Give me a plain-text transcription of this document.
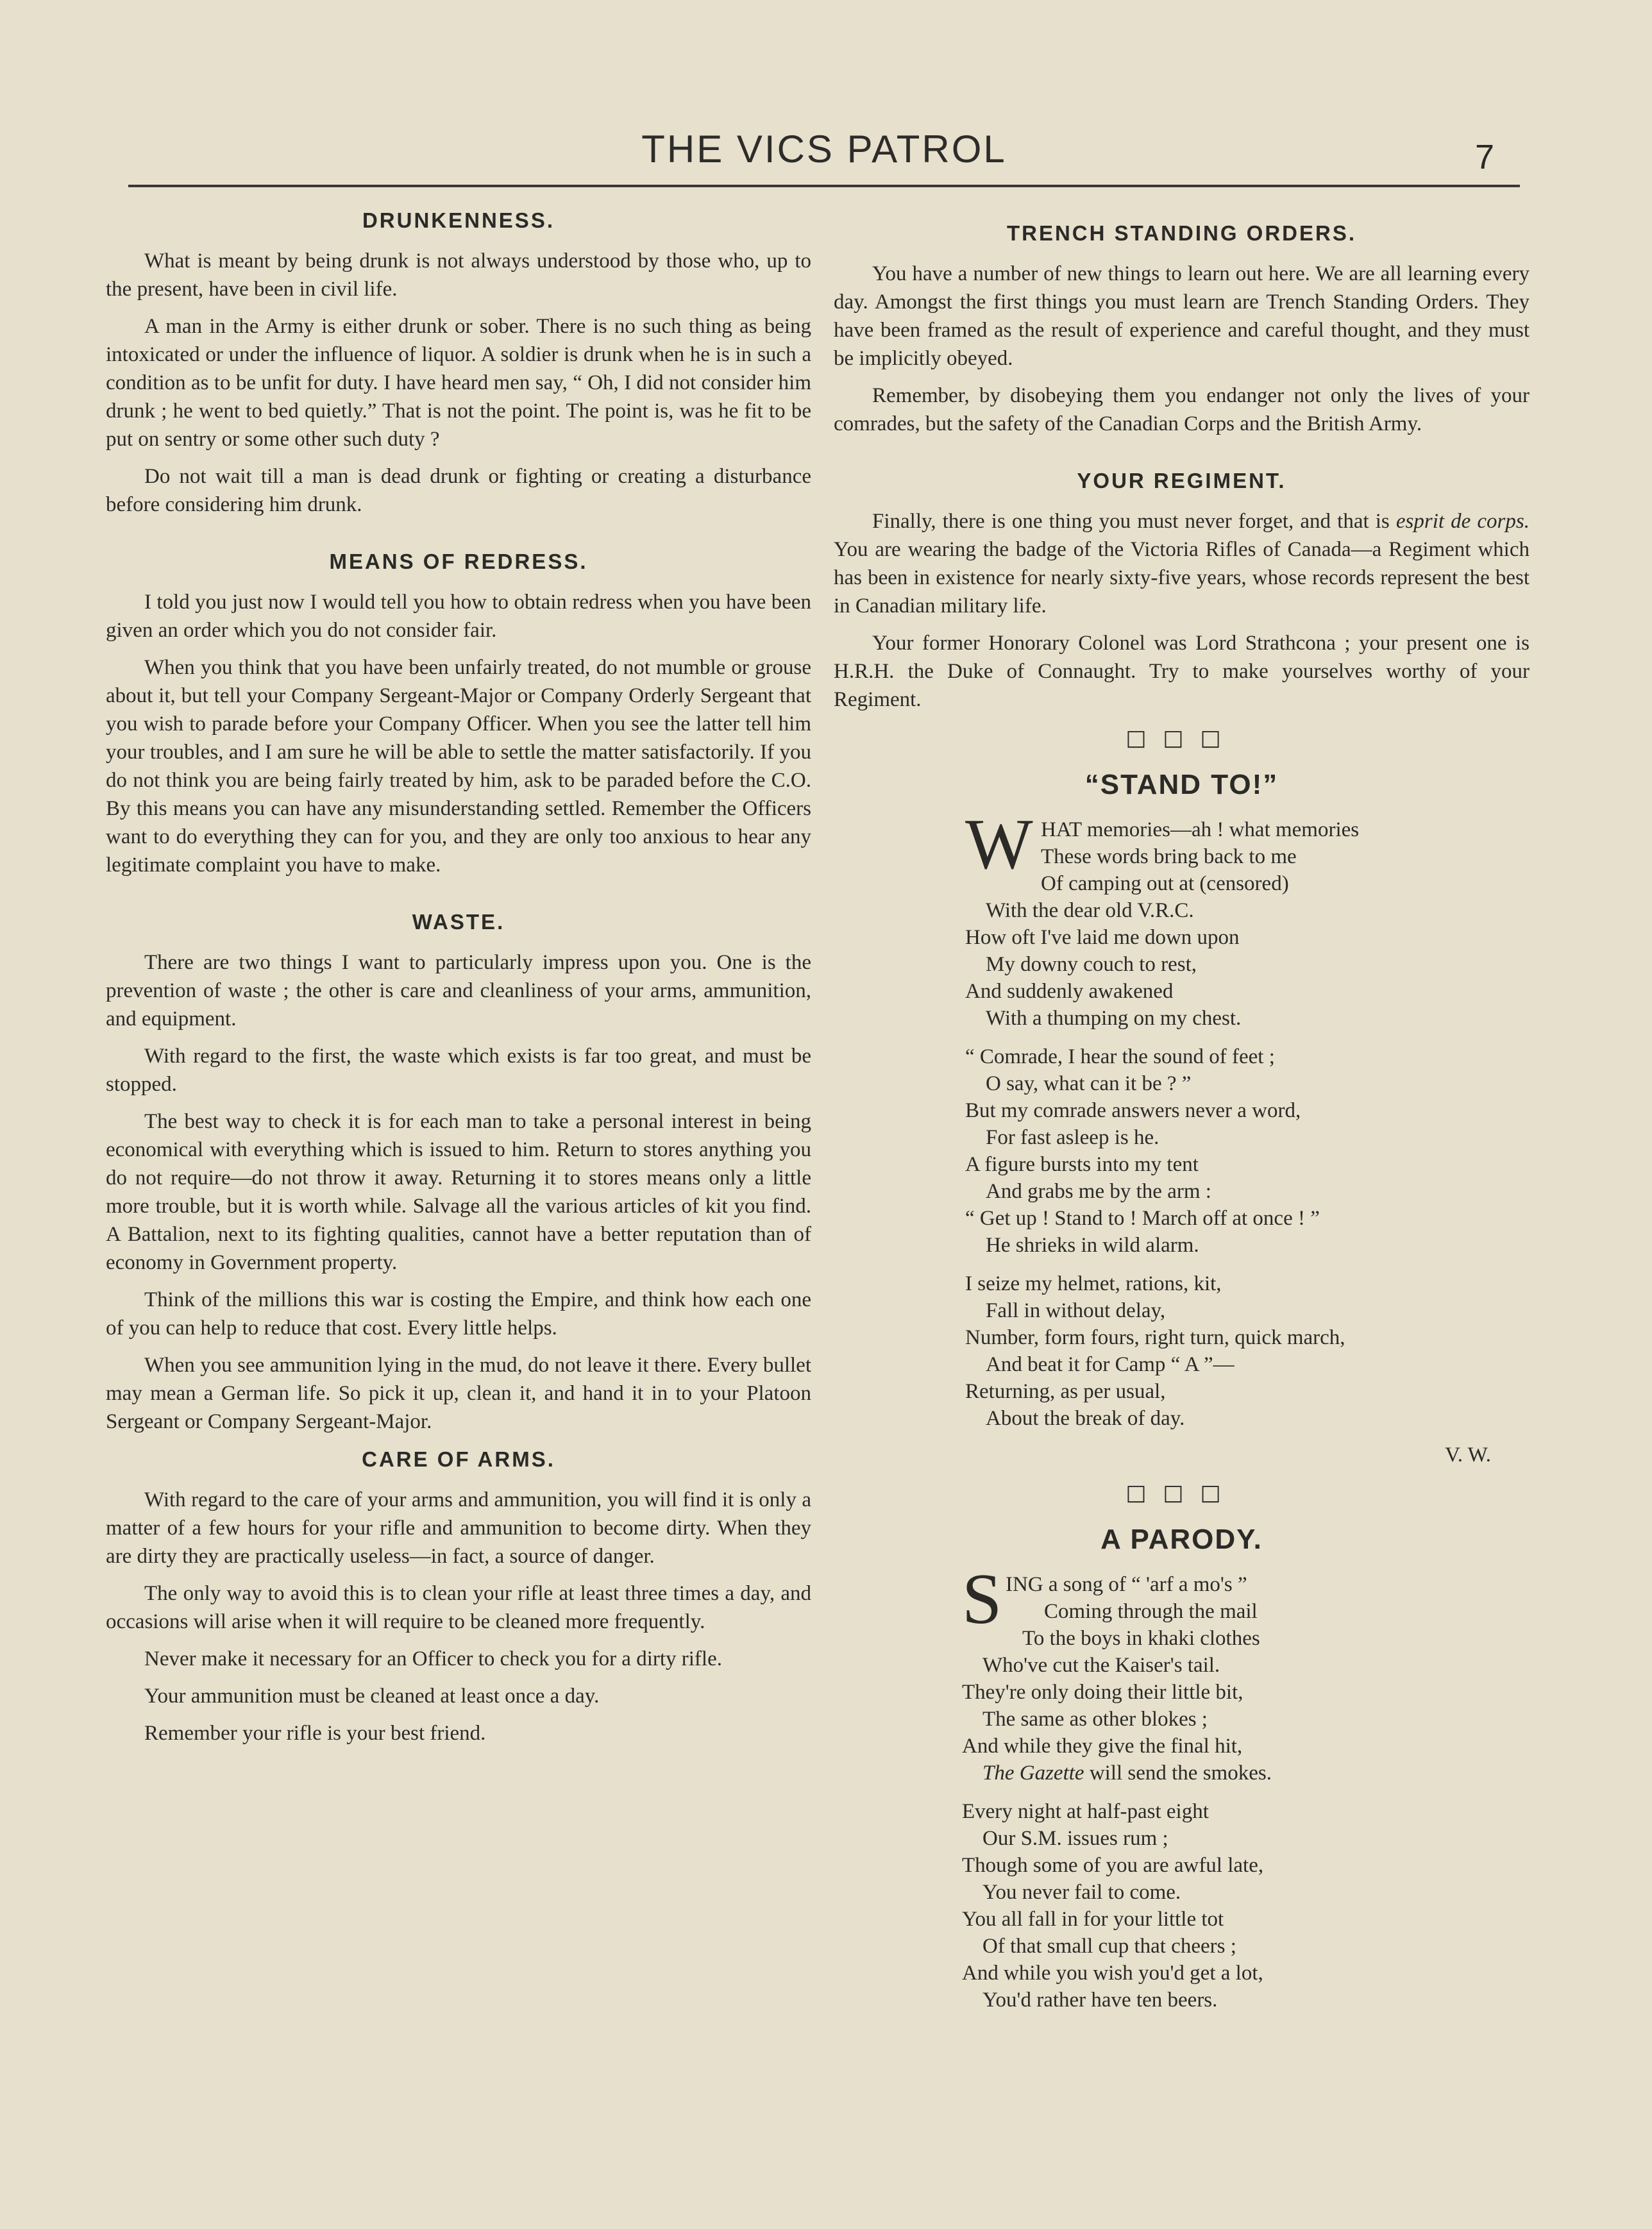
THE VICS PATROL	7
DRUNKENNESS.

What is meant by being drunk is not always understood by those who, up to the present, have been in civil life.

A man in the Army is either drunk or sober. There is no such thing as being intoxicated or under the influence of liquor. A soldier is drunk when he is in such a condition as to be unfit for duty. I have heard men say, “ Oh, I did not consider him drunk ; he went to bed quietly.” That is not the point. The point is, was he fit to be put on sentry or some other such duty ?

Do not wait till a man is dead drunk or fighting or creating a disturbance before considering him drunk.

MEANS OF REDRESS.

I told you just now I would tell you how to obtain redress when you have been given an order which you do not consider fair.

When you think that you have been unfairly treated, do not mumble or grouse about it, but tell your Company Sergeant-Major or Company Orderly Sergeant that you wish to parade before your Company Officer. When you see the latter tell him your troubles, and I am sure he will be able to settle the matter satisfactorily. If you do not think you are being fairly treated by him, ask to be paraded before the C.O. By this means you can have any misunderstanding settled. Remember the Officers want to do everything they can for you, and they are only too anxious to hear any legitimate complaint you have to make.

WASTE.

There are two things I want to particularly impress upon you. One is the prevention of waste ; the other is care and cleanliness of your arms, ammunition, and equipment.

With regard to the first, the waste which exists is far too great, and must be stopped.

The best way to check it is for each man to take a personal interest in being economical with everything which is issued to him. Return to stores anything you do not require—do not throw it away. Returning it to stores means only a little more trouble, but it is worth while. Salvage all the various articles of kit you find. A Battalion, next to its fighting qualities, cannot have a better reputation than of economy in Government property.

Think of the millions this war is costing the Empire, and think how each one of you can help to reduce that cost. Every little helps.

When you see ammunition lying in the mud, do not leave it there. Every bullet may mean a German life. So pick it up, clean it, and hand it in to your Platoon Sergeant or Company Sergeant-Major.

CARE OF ARMS.

With regard to the care of your arms and ammunition, you will find it is only a matter of a few hours for your rifle and ammunition to become dirty. When they are dirty they are practically useless—in fact, a source of danger.

The only way to avoid this is to clean your rifle at least three times a day, and occasions will arise when it will require to be cleaned more frequently.

Never make it necessary for an Officer to check you for a dirty rifle.

Your ammunition must be cleaned at least once a day.

Remember your rifle is your best friend.

TRENCH STANDING ORDERS.

You have a number of new things to learn out here. We are all learning every day. Amongst the first things you must learn are Trench Standing Orders. They have been framed as the result of experience and careful thought, and they must be implicitly obeyed.

Remember, by disobeying them you endanger not only the lives of your comrades, but the safety of the Canadian Corps and the British Army.

YOUR REGIMENT.

Finally, there is one thing you must never forget, and that is esprit de corps. You are wearing the badge of the Victoria Rifles of Canada—a Regiment which has been in existence for nearly sixty-five years, whose records represent the best in Canadian military life.

Your former Honorary Colonel was Lord Strathcona ; your present one is H.R.H. the Duke of Connaught. Try to make yourselves worthy of your Regiment.

□□□
“STAND TO!”
W HAT memories—ah ! what memories
These words bring back to me
Of camping out at (censored)
With the dear old V.R.C.
How oft I've laid me down upon
My downy couch to rest,
And suddenly awakened
With a thumping on my chest.
“ Comrade, I hear the sound of feet ;
O say, what can it be ? ”
But my comrade answers never a word,
For fast asleep is he.
A figure bursts into my tent
And grabs me by the arm :
“ Get up ! Stand to ! March off at once ! ”
He shrieks in wild alarm.
I seize my helmet, rations, kit,
Fall in without delay,
Number, form fours, right turn, quick march,
And beat it for Camp “ A ”—
Returning, as per usual,
About the break of day.
V. W.
□□□
A PARODY.
S ING a song of “ 'arf a mo's ”
Coming through the mail
To the boys in khaki clothes
Who've cut the Kaiser's tail.
They're only doing their little bit,
The same as other blokes ;
And while they give the final hit,
The Gazette will send the smokes.
Every night at half-past eight
Our S.M. issues rum ;
Though some of you are awful late,
You never fail to come.
You all fall in for your little tot
Of that small cup that cheers ;
And while you wish you'd get a lot,
You'd rather have ten beers.
